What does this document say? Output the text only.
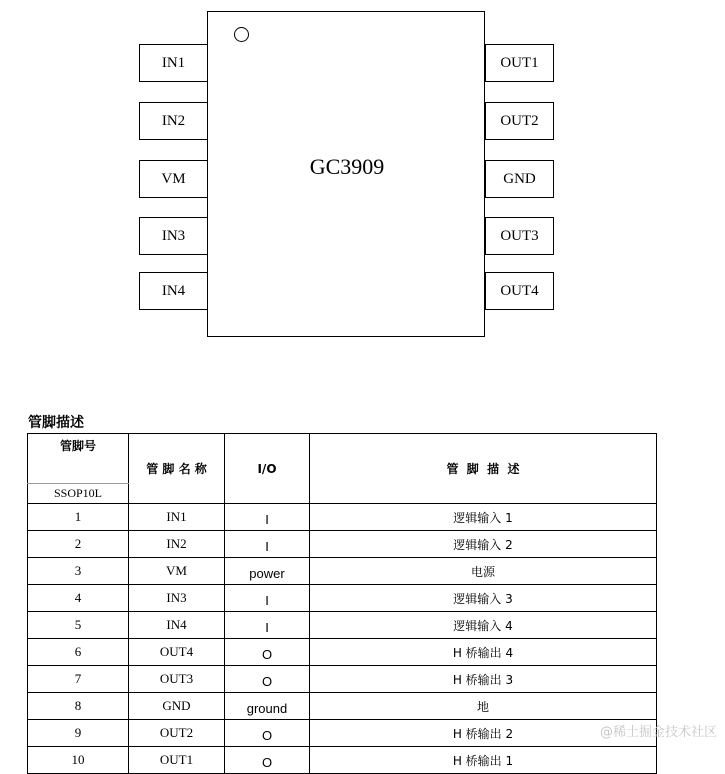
GC3909
IN1
IN2
VM
IN3
IN4
OUT1
OUT2
GND
OUT3
OUT4
管脚描述
管脚号	管 脚 名 称	I/O	管  脚  描  述
SSOP10L			
1	IN1	I	逻辑输入 1
2	IN2	I	逻辑输入 2
3	VM	power	电源
4	IN3	I	逻辑输入 3
5	IN4	I	逻辑输入 4
6	OUT4	O	H 桥输出 4
7	OUT3	O	H 桥输出 3
8	GND	ground	地
9	OUT2	O	H 桥输出 2
10	OUT1	O	H 桥输出 1
@稀土掘金技术社区
